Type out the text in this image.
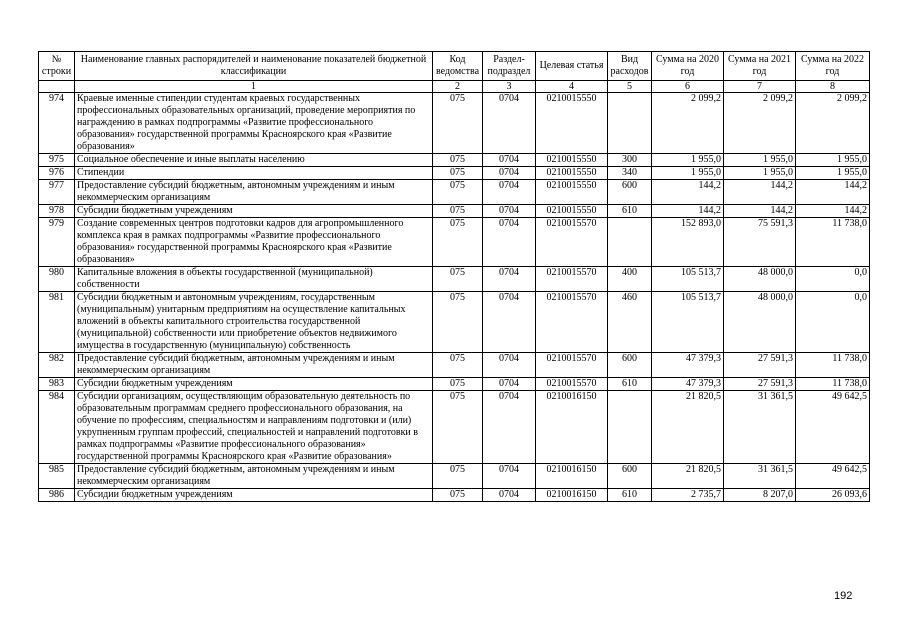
№ строки	Наименование главных распорядителей и наименование показателей бюджетной классификации	Код ведомства	Раздел-подраздел	Целевая статья	Вид расходов	Сумма на 2020 год	Сумма на 2021 год	Сумма на 2022 год
	1	2	3	4	5	6	7	8
974	Краевые именные стипендии студентам краевых государственных профессиональных образовательных организаций, проведение мероприятия по награждению в рамках подпрограммы «Развитие профессионального образования» государственной программы Красноярского края «Развитие образования»	075	0704	0210015550		2 099,2	2 099,2	2 099,2
975	Социальное обеспечение и иные выплаты населению	075	0704	0210015550	300	1 955,0	1 955,0	1 955,0
976	Стипендии	075	0704	0210015550	340	1 955,0	1 955,0	1 955,0
977	Предоставление субсидий бюджетным, автономным учреждениям и иным некоммерческим организациям	075	0704	0210015550	600	144,2	144,2	144,2
978	Субсидии бюджетным учреждениям	075	0704	0210015550	610	144,2	144,2	144,2
979	Создание современных центров подготовки кадров для агропромышленного комплекса края в рамках подпрограммы «Развитие профессионального образования» государственной программы Красноярского края «Развитие образования»	075	0704	0210015570		152 893,0	75 591,3	11 738,0
980	Капитальные вложения в объекты государственной (муниципальной) собственности	075	0704	0210015570	400	105 513,7	48 000,0	0,0
981	Субсидии бюджетным и автономным учреждениям, государственным (муниципальным) унитарным предприятиям на осуществление капитальных вложений в объекты капитального строительства государственной (муниципальной) собственности или приобретение объектов недвижимого имущества в государственную (муниципальную) собственность	075	0704	0210015570	460	105 513,7	48 000,0	0,0
982	Предоставление субсидий бюджетным, автономным учреждениям и иным некоммерческим организациям	075	0704	0210015570	600	47 379,3	27 591,3	11 738,0
983	Субсидии бюджетным учреждениям	075	0704	0210015570	610	47 379,3	27 591,3	11 738,0
984	Субсидии организациям, осуществляющим образовательную деятельность по образовательным программам среднего профессионального образования, на обучение по профессиям, специальностям и направлениям подготовки и (или) укрупненным группам профессий, специальностей и направлений подготовки в рамках подпрограммы «Развитие профессионального образования» государственной программы Красноярского края «Развитие образования»	075	0704	0210016150		21 820,5	31 361,5	49 642,5
985	Предоставление субсидий бюджетным, автономным учреждениям и иным некоммерческим организациям	075	0704	0210016150	600	21 820,5	31 361,5	49 642,5
986	Субсидии бюджетным учреждениям	075	0704	0210016150	610	2 735,7	8 207,0	26 093,6
192
